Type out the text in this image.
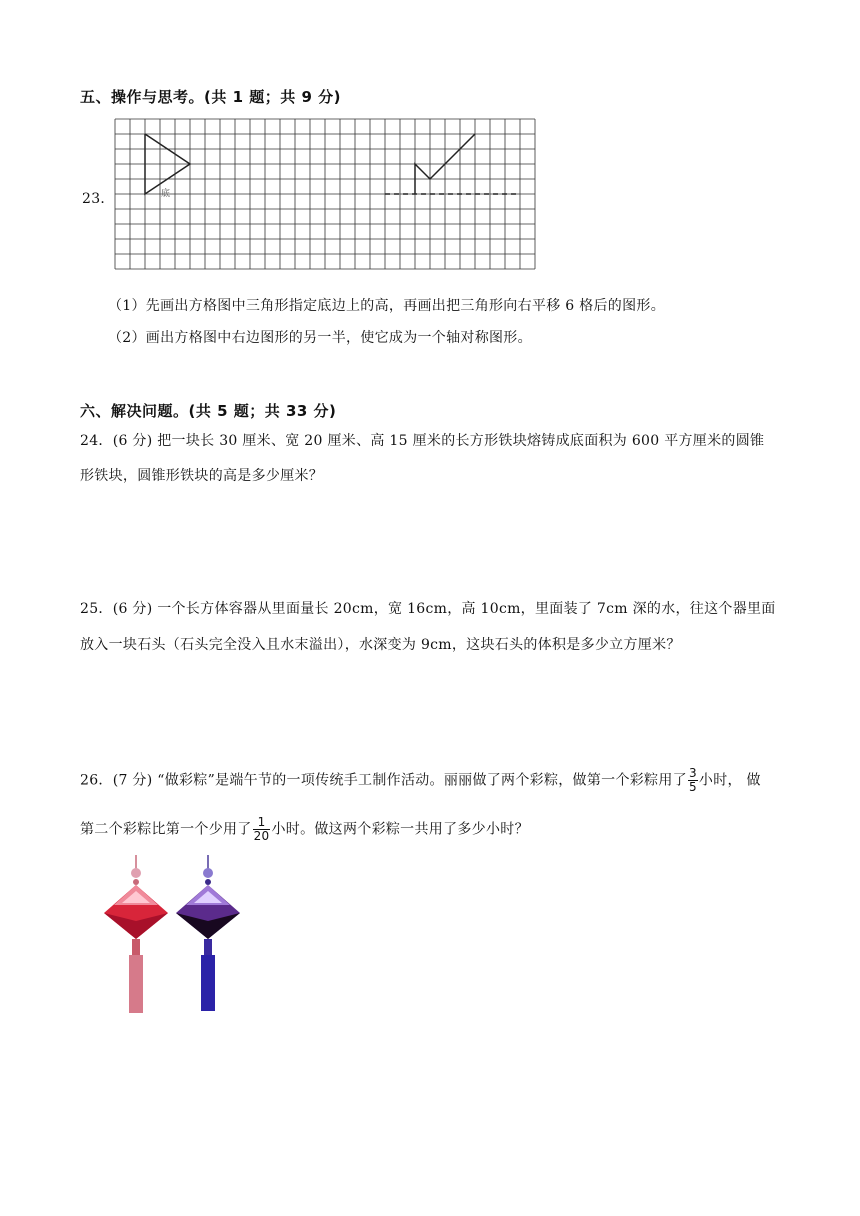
五、操作与思考。(共 1 题；共 9 分)
23．	底
（1）先画出方格图中三角形指定底边上的高，再画出把三角形向右平移 6 格后的图形。
（2）画出方格图中右边图形的另一半，使它成为一个轴对称图形。
六、解决问题。(共 5 题；共 33 分)
24．(6 分) 把一块长 30 厘米、宽 20 厘米、高 15 厘米的长方形铁块熔铸成底面积为 600 平方厘米的圆锥
形铁块，圆锥形铁块的高是多少厘米？
25．(6 分) 一个长方体容器从里面量长 20cm，宽 16cm，高 10cm，里面装了 7cm 深的水，往这个器里面
放入一块石头（石头完全没入且水末溢出），水深变为 9cm，这块石头的体积是多少立方厘米？
26．(7 分) “做彩粽”是端午节的一项传统手工制作活动。丽丽做了两个彩粽，做第一个彩粽用了 $\frac{3}{5}$ 小时， 做
第二个彩粽比第一个少用了 $\frac{1}{20}$ 小时。做这两个彩粽一共用了多少小时？
